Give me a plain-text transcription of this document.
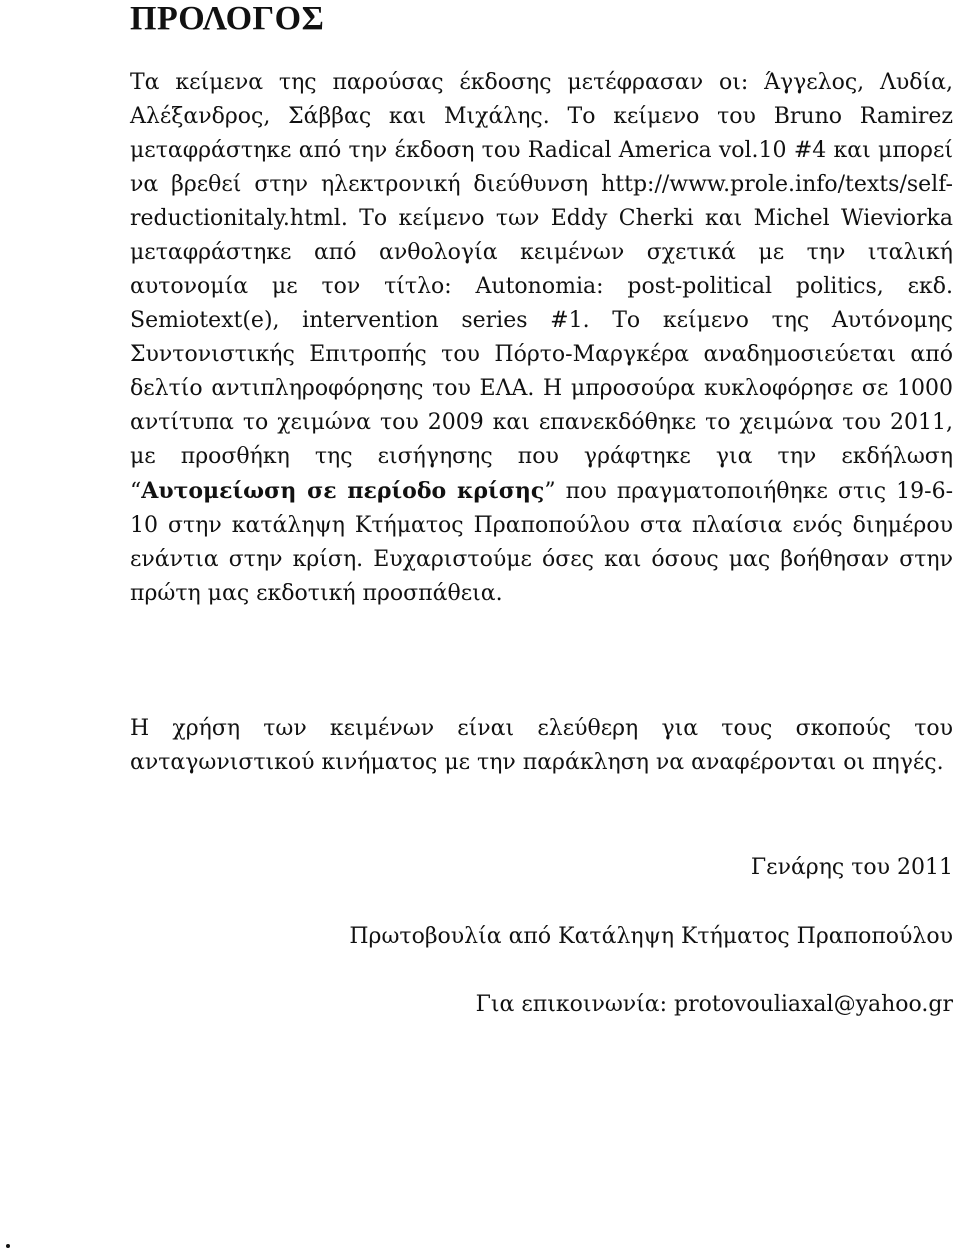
ΠΡΟΛΟΓΟΣ

Τα κείμενα της παρούσας έκδοσης μετέφρασαν οι: Άγγελος, Λυδία, Αλέξανδρος, Σάββας και Μιχάλης. Το κείμενο του Bruno Ramirez μεταφράστηκε από την έκδοση του Radical America vol.10 #4 και μπορεί να βρεθεί στην ηλεκτρονική διεύθυνση http://www.prole.info/texts/self-reductionitaly.html. Το κείμενο των Eddy Cherki και Michel Wieviorka μεταφράστηκε από ανθολογία κειμένων σχετικά με την ιταλική αυτονομία με τον τίτλο: Autonomia: post-political politics, εκδ. Semiotext(e), intervention series #1. Το κείμενο της Αυτόνομης Συντονιστικής Επιτροπής του Πόρτο-Μαργκέρα αναδημοσιεύεται από δελτίο αντιπληροφόρησης του ΕΛΑ. Η μπροσούρα κυκλοφόρησε σε 1000 αντίτυπα το χειμώνα του 2009 και επανεκδόθηκε το χειμώνα του 2011, με προσθήκη της εισήγησης που γράφτηκε για την εκδήλωση “Αυτομείωση σε περίοδο κρίσης” που πραγματοποιήθηκε στις 19-6-10 στην κατάληψη Κτήματος Πραποπούλου στα πλαίσια ενός διημέρου ενάντια στην κρίση. Ευχαριστούμε όσες και όσους μας βοήθησαν στην πρώτη μας εκδοτική προσπάθεια.

Η χρήση των κειμένων είναι ελεύθερη για τους σκοπούς του ανταγωνιστικού κινήματος με την παράκληση να αναφέρονται οι πηγές.

Γενάρης του 2011

Πρωτοβουλία από Κατάληψη Κτήματος Πραποπούλου

Για επικοινωνία: protovouliaxal@yahoo.gr
